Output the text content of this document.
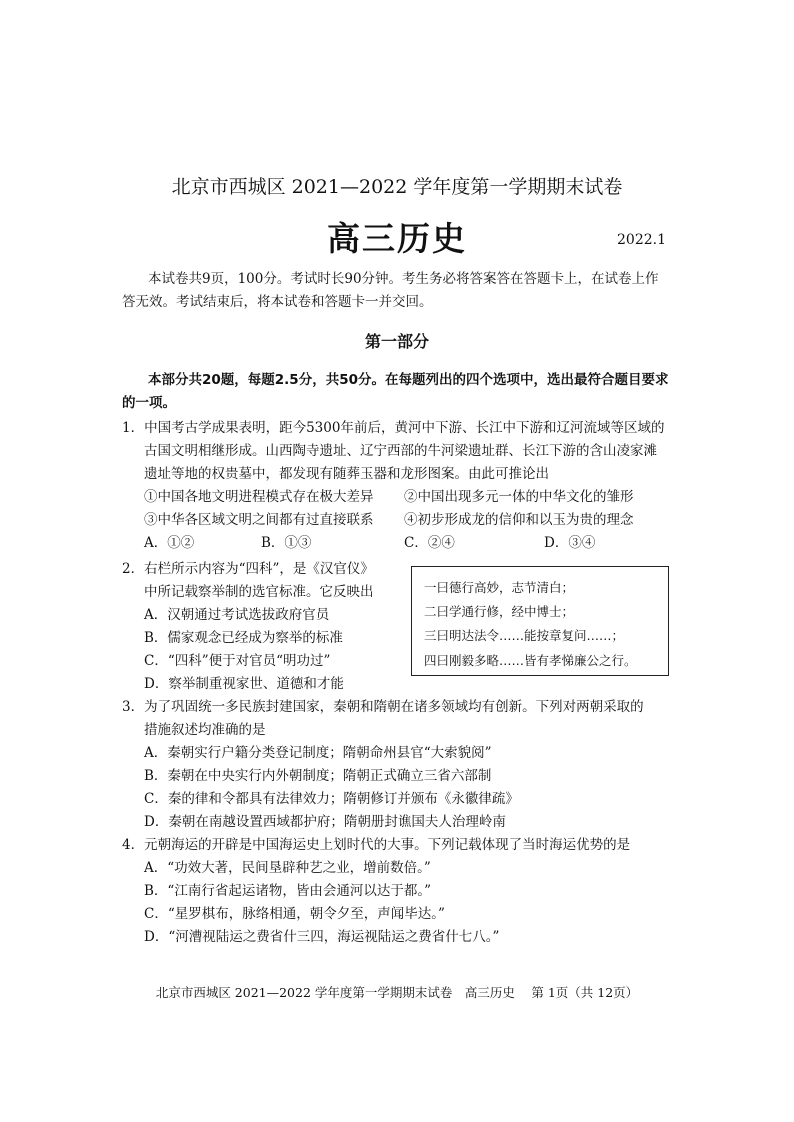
北京市西城区 2021—2022 学年度第一学期期末试卷
高三历史	2022.1
本试卷共9页，100分。考试时长90分钟。考生务必将答案答在答题卡上，在试卷上作
答无效。考试结束后，将本试卷和答题卡一并交回。
第一部分
本部分共20题，每题2.5分，共50分。在每题列出的四个选项中，选出最符合题目要求
的一项。
1．中国考古学成果表明，距今5300年前后，黄河中下游、长江中下游和辽河流域等区域的
古国文明相继形成。山西陶寺遗址、辽宁西部的牛河梁遗址群、长江下游的含山凌家滩
遗址等地的权贵墓中，都发现有随葬玉器和龙形图案。由此可推论出
①中国各地文明进程模式存在极大差异 ②中国出现多元一体的中华文化的雏形
③中华各区域文明之间都有过直接联系 ④初步形成龙的信仰和以玉为贵的理念
A．①②	B．①③	C．②④	D．③④
2．右栏所示内容为“四科”，是《汉官仪》
中所记载察举制的选官标准。它反映出
A．汉朝通过考试选拔政府官员
B．儒家观念已经成为察举的标准
C．“四科”便于对官员“明功过”
D．察举制重视家世、道德和才能
一曰德行高妙，志节清白；
二曰学通行修，经中博士；
三曰明达法令……能按章复问……；
四曰刚毅多略……皆有孝悌廉公之行。
3．为了巩固统一多民族封建国家，秦朝和隋朝在诸多领域均有创新。下列对两朝采取的
措施叙述均准确的是
A．秦朝实行户籍分类登记制度；隋朝命州县官“大索貌阅”
B．秦朝在中央实行内外朝制度；隋朝正式确立三省六部制
C．秦的律和令都具有法律效力；隋朝修订并颁布《永徽律疏》
D．秦朝在南越设置西域都护府；隋朝册封谯国夫人治理岭南
4．元朝海运的开辟是中国海运史上划时代的大事。下列记载体现了当时海运优势的是
A．“功效大著，民间垦辟种艺之业，增前数倍。”
B．“江南行省起运诸物，皆由会通河以达于都。”
C．“星罗棋布，脉络相通，朝令夕至，声闻毕达。”
D．“河漕视陆运之费省什三四，海运视陆运之费省什七八。”
北京市西城区 2021—2022 学年度第一学期期末试卷　高三历史　 第 1页（共 12页）
